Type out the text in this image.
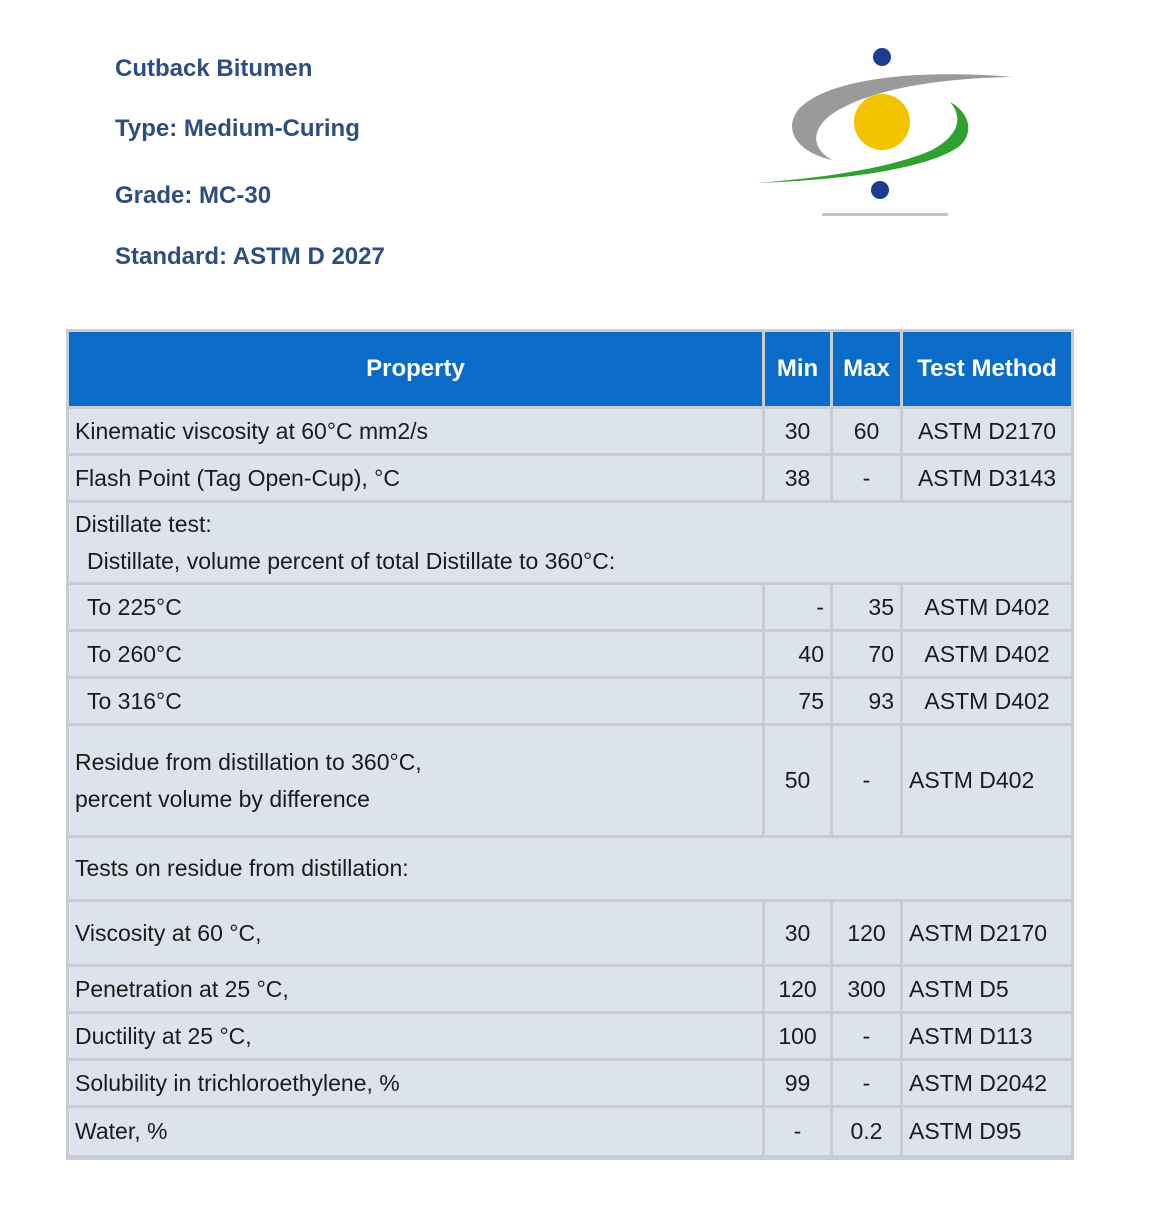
Cutback Bitumen
Type: Medium-Curing
Grade: MC-30
Standard: ASTM D 2027
Property	Min	Max	Test Method
Kinematic viscosity at 60°C mm2/s	30	60	ASTM D2170
Flash Point (Tag Open-Cup), °C	38	-	ASTM D3143
Distillate test:
Distillate, volume percent of total Distillate to 360°C:			

To 225°C	-	35	ASTM D402
To 260°C	40	70	ASTM D402
To 316°C	75	93	ASTM D402
Residue from distillation to 360°C,
percent volume by difference	50	-	ASTM D402
Tests on residue from distillation:			
Viscosity at 60 °C,	30	120	ASTM D2170
Penetration at 25 °C,	120	300	ASTM D5
Ductility at 25 °C,	100	-	ASTM D113
Solubility in trichloroethylene, %	99	-	ASTM D2042
Water, %	-	0.2	ASTM D95
